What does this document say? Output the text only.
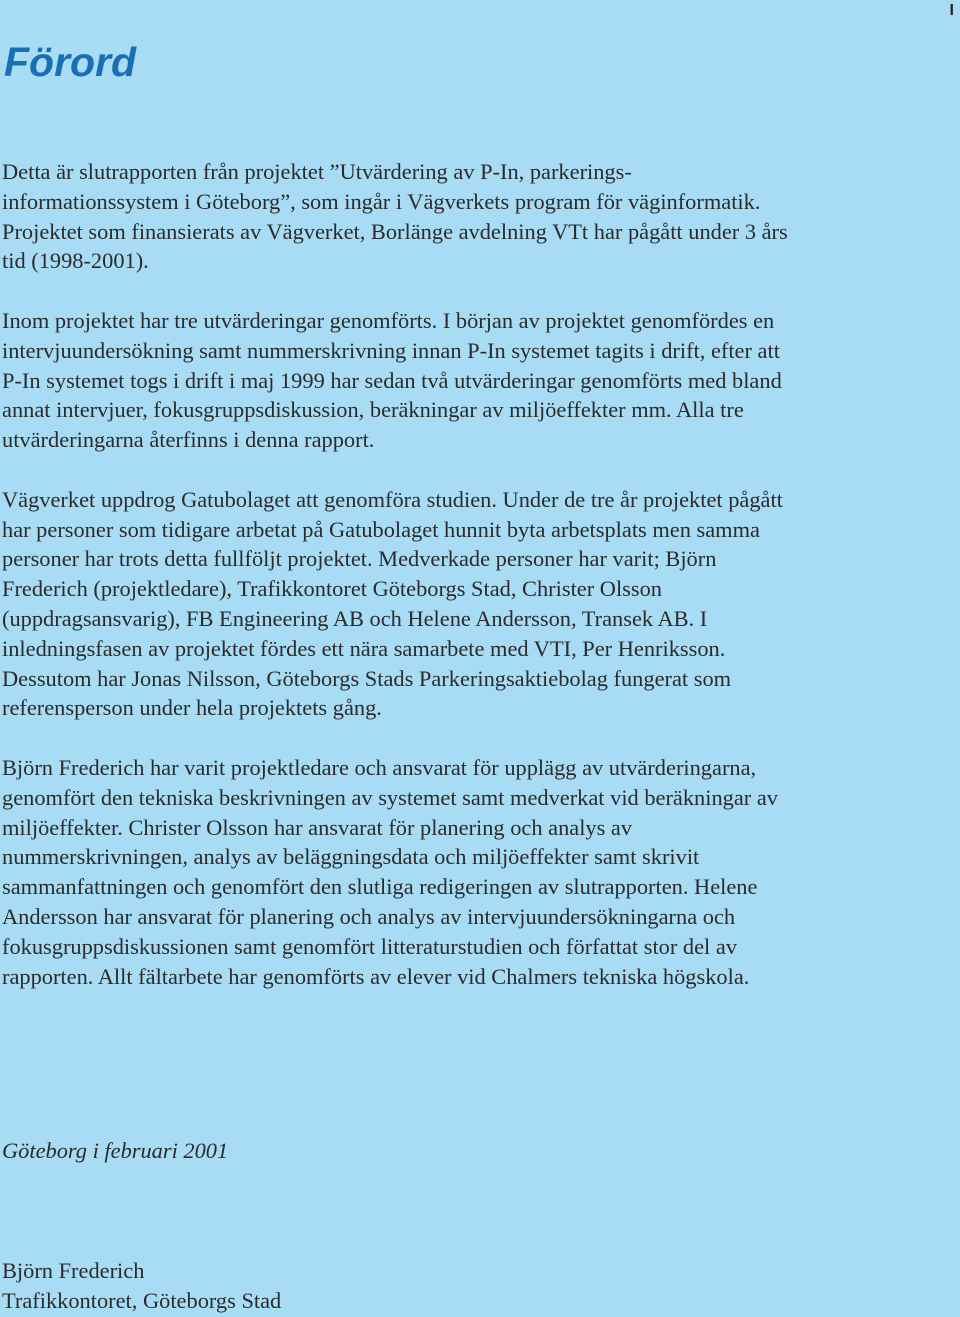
I
Förord

Detta är slutrapporten från projektet ”Utvärdering av P-In, parkerings-informationssystem i Göteborg”, som ingår i Vägverkets program för väginformatik. Projektet som finansierats av Vägverket, Borlänge avdelning VTt har pågått under 3 års tid (1998-2001).

Inom projektet har tre utvärderingar genomförts. I början av projektet genomfördes en intervjuundersökning samt nummerskrivning innan P-In systemet tagits i drift, efter att P-In systemet togs i drift i maj 1999 har sedan två utvärderingar genomförts med bland annat intervjuer, fokusgruppsdiskussion, beräkningar av miljöeffekter mm. Alla tre utvärderingarna återfinns i denna rapport.

Vägverket uppdrog Gatubolaget att genomföra studien. Under de tre år projektet pågått har personer som tidigare arbetat på Gatubolaget hunnit byta arbetsplats men samma personer har trots detta fullföljt projektet. Medverkade personer har varit; Björn Frederich (projektledare), Trafikkontoret Göteborgs Stad, Christer Olsson (uppdragsansvarig), FB Engineering AB och Helene Andersson, Transek AB. I inledningsfasen av projektet fördes ett nära samarbete med VTI, Per Henriksson. Dessutom har Jonas Nilsson, Göteborgs Stads Parkeringsaktiebolag fungerat som referensperson under hela projektets gång.

Björn Frederich har varit projektledare och ansvarat för upplägg av utvärderingarna, genomfört den tekniska beskrivningen av systemet samt medverkat vid beräkningar av miljöeffekter. Christer Olsson har ansvarat för planering och analys av nummerskrivningen, analys av beläggningsdata och miljöeffekter samt skrivit sammanfattningen och genomfört den slutliga redigeringen av slutrapporten. Helene Andersson har ansvarat för planering och analys av intervjuundersökningarna och fokusgruppsdiskussionen samt genomfört litteraturstudien och författat stor del av rapporten. Allt fältarbete har genomförts av elever vid Chalmers tekniska högskola.

Göteborg i februari 2001

Björn Frederich
Trafikkontoret, Göteborgs Stad
